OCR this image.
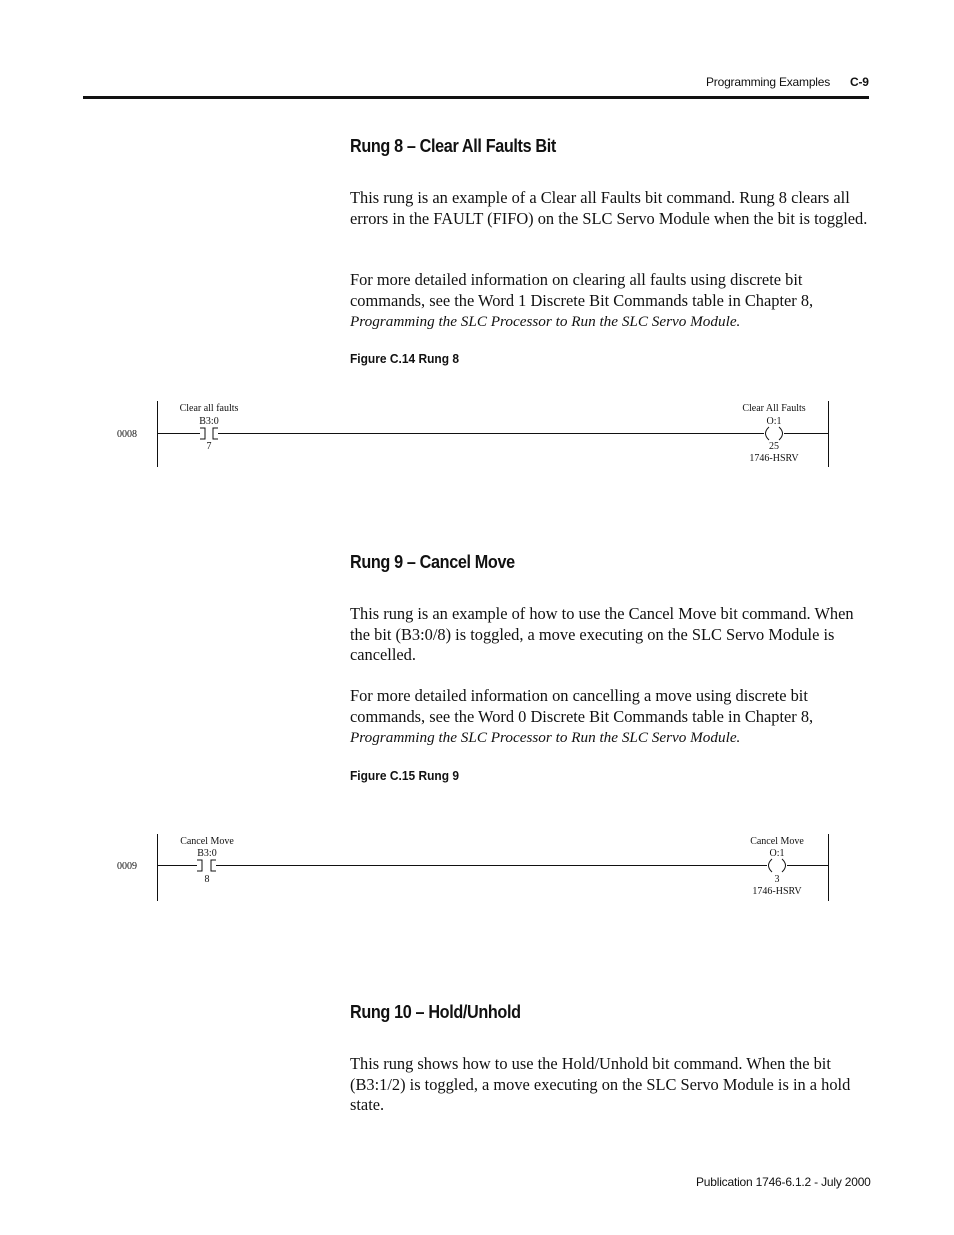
Programming Examples C-9
Rung 8 – Clear All Faults Bit

This rung is an example of a Clear all Faults bit command. Rung 8 clears all errors in the FAULT (FIFO) on the SLC Servo Module when the bit is toggled.

For more detailed information on clearing all faults using discrete bit commands, see the Word 1 Discrete Bit Commands table in Chapter 8, Programming the SLC Processor to Run the SLC Servo Module.

Figure C.14 Rung 8
0008
Clear all faults
B3:0
7
Clear All Faults
O:1
25
1746-HSRV
Rung 9 – Cancel Move

This rung is an example of how to use the Cancel Move bit command. When the bit (B3:0/8) is toggled, a move executing on the SLC Servo Module is cancelled.

For more detailed information on cancelling a move using discrete bit commands, see the Word 0 Discrete Bit Commands table in Chapter 8, Programming the SLC Processor to Run the SLC Servo Module.

Figure C.15 Rung 9
0009
Cancel Move
B3:0
8
Cancel Move
O:1
3
1746-HSRV
Rung 10 – Hold/Unhold

This rung shows how to use the Hold/Unhold bit command. When the bit (B3:1/2) is toggled, a move executing on the SLC Servo Module is in a hold state.

Publication 1746-6.1.2 - July 2000
